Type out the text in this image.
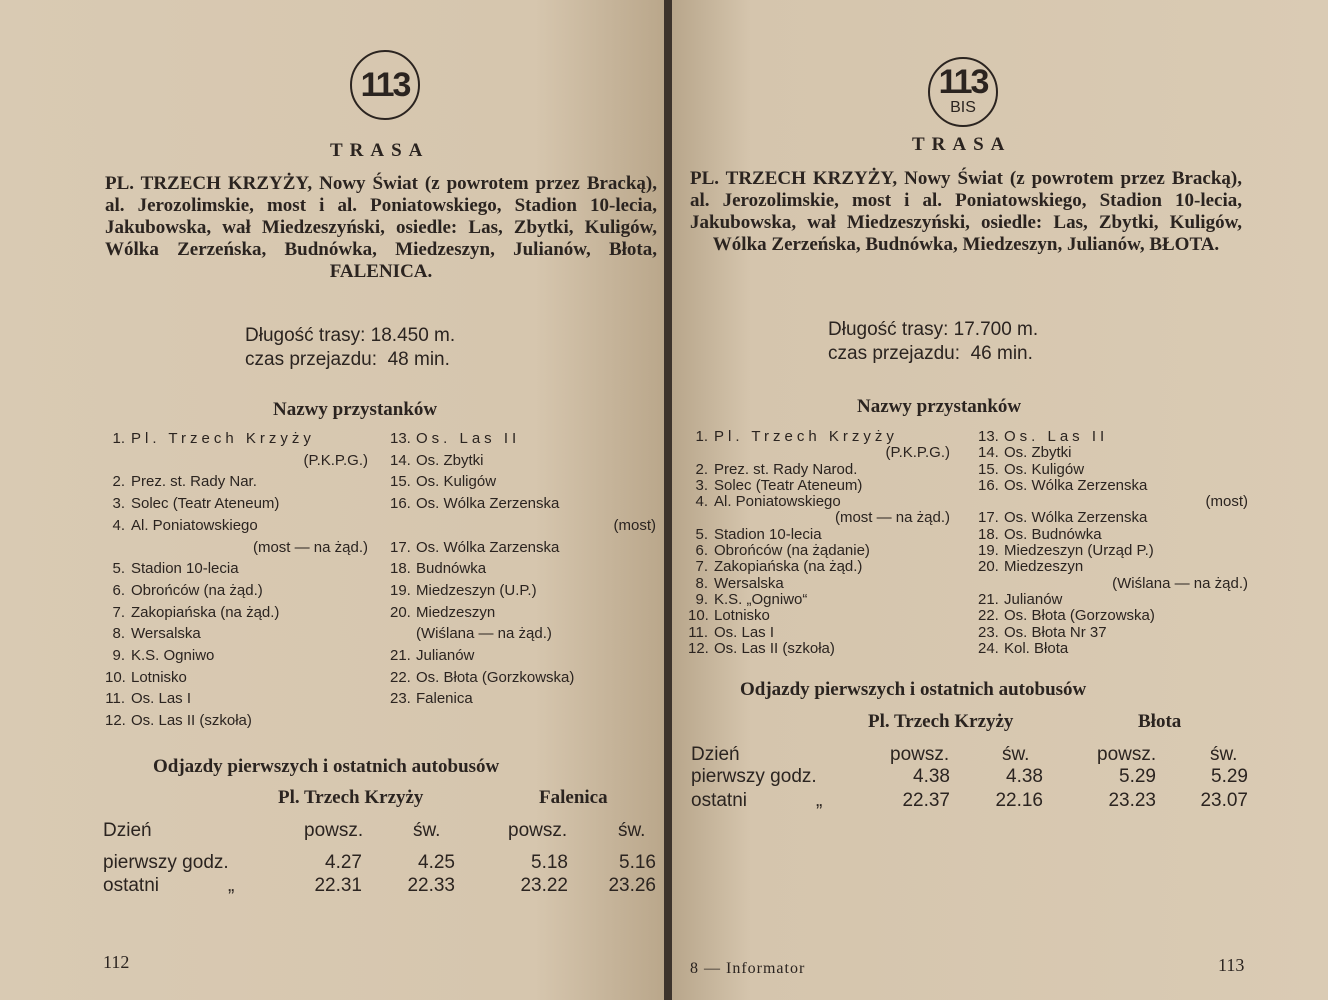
113
TRASA
PL. TRZECH KRZYŻY, Nowy Świat (z powrotem przez Bracką), al. Jerozolimskie, most i al. Poniatowskiego, Stadion 10-lecia, Jakubowska, wał Miedzeszyński, osiedle: Las, Zbytki, Kuligów, Wólka Zerzeńska, Budnówka, Miedzeszyn, Julianów, Błota, FALENICA.
Długość trasy: 18.450 m.
czas przejazdu: 48 min.
Nazwy przystanków
1. Pl. Trzech Krzyży
(P.K.P.G.)
2. Prez. st. Rady Nar.
3. Solec (Teatr Ateneum)
4. Al. Poniatowskiego
(most — na żąd.)
5. Stadion 10-lecia
6. Obrońców (na żąd.)
7. Zakopiańska (na żąd.)
8. Wersalska
9. K.S. Ogniwo
10. Lotnisko
11. Os. Las I
12. Os. Las II (szkoła)
13. Os. Las II
14. Os. Zbytki
15. Os. Kuligów
16. Os. Wólka Zerzenska
(most)
17. Os. Wólka Zarzenska
18. Budnówka
19. Miedzeszyn (U.P.)
20. Miedzeszyn
(Wiślana — na żąd.)
21. Julianów
22. Os. Błota (Gorzkowska)
23. Falenica
Odjazdy pierwszych i ostatnich autobusów
Pl. Trzech Krzyży	Falenica
Dzień	powsz.	św.	powsz.	św.
pierwszy godz.	4.27	4.25	5.18	5.16
ostatni	„	22.31	22.33	23.22	23.26
112
113
BIS
TRASA
PL. TRZECH KRZYŻY, Nowy Świat (z powrotem przez Bracką), al. Jerozolimskie, most i al. Poniatowskiego, Stadion 10-lecia, Jakubowska, wał Miedzeszyński, osiedle: Las, Zbytki, Kuligów, Wólka Zerzeńska, Budnówka, Miedzeszyn, Julianów, BŁOTA.
Długość trasy: 17.700 m.
czas przejazdu: 46 min.
Nazwy przystanków
1. Pl. Trzech Krzyży
(P.K.P.G.)
2. Prez. st. Rady Narod.
3. Solec (Teatr Ateneum)
4. Al. Poniatowskiego
(most — na żąd.)
5. Stadion 10-lecia
6. Obrońców (na żądanie)
7. Zakopiańska (na żąd.)
8. Wersalska
9. K.S. „Ogniwo“
10. Lotnisko
11. Os. Las I
12. Os. Las II (szkoła)
13. Os. Las II
14. Os. Zbytki
15. Os. Kuligów
16. Os. Wólka Zerzenska
(most)
17. Os. Wólka Zerzenska
18. Os. Budnówka
19. Miedzeszyn (Urząd P.)
20. Miedzeszyn
(Wiślana — na żąd.)
21. Julianów
22. Os. Błota (Gorzowska)
23. Os. Błota Nr 37
24. Kol. Błota
Odjazdy pierwszych i ostatnich autobusów
Pl. Trzech Krzyży	Błota
Dzień	powsz.	św.	powsz.	św.
pierwszy godz.	4.38	4.38	5.29	5.29
ostatni	„	22.37	22.16	23.23	23.07
8 — Informator	113
